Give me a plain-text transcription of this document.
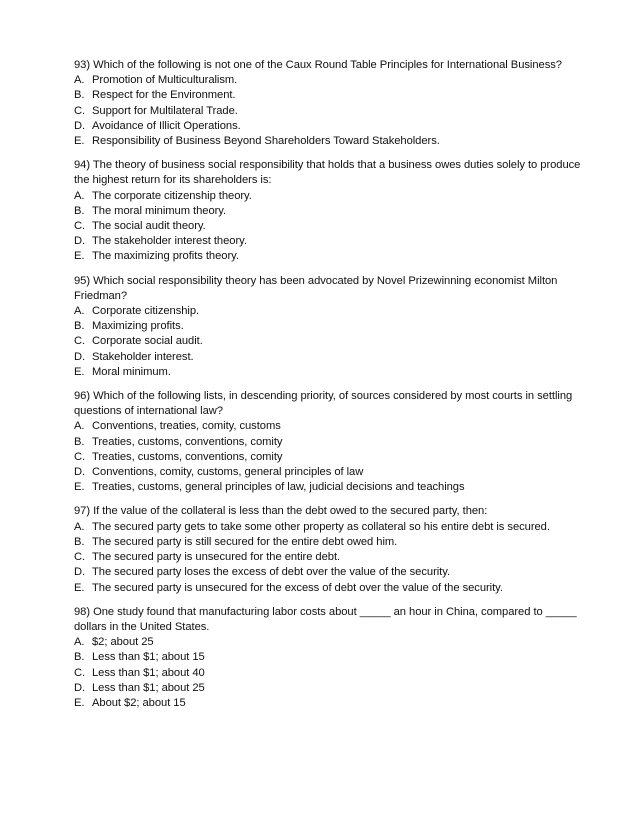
93) Which of the following is not one of the Caux Round Table Principles for International Business?

A. Promotion of Multiculturalism.
B. Respect for the Environment.
C. Support for Multilateral Trade.
D. Avoidance of Illicit Operations.
E. Responsibility of Business Beyond Shareholders Toward Stakeholders.

94) The theory of business social responsibility that holds that a business owes duties solely to produce the highest return for its shareholders is:

A. The corporate citizenship theory.
B. The moral minimum theory.
C. The social audit theory.
D. The stakeholder interest theory.
E. The maximizing profits theory.

95) Which social responsibility theory has been advocated by Novel Prizewinning economist Milton Friedman?

A. Corporate citizenship.
B. Maximizing profits.
C. Corporate social audit.
D. Stakeholder interest.
E. Moral minimum.

96) Which of the following lists, in descending priority, of sources considered by most courts in settling questions of international law?

A. Conventions, treaties, comity, customs
B. Treaties, customs, conventions, comity
C. Treaties, customs, conventions, comity
D. Conventions, comity, customs, general principles of law
E. Treaties, customs, general principles of law, judicial decisions and teachings

97) If the value of the collateral is less than the debt owed to the secured party, then:

A. The secured party gets to take some other property as collateral so his entire debt is secured.
B. The secured party is still secured for the entire debt owed him.
C. The secured party is unsecured for the entire debt.
D. The secured party loses the excess of debt over the value of the security.
E. The secured party is unsecured for the excess of debt over the value of the security.

98) One study found that manufacturing labor costs about _____ an hour in China, compared to _____ dollars in the United States.

A. $2; about 25
B. Less than $1; about 15
C. Less than $1; about 40
D. Less than $1; about 25
E. About $2; about 15
